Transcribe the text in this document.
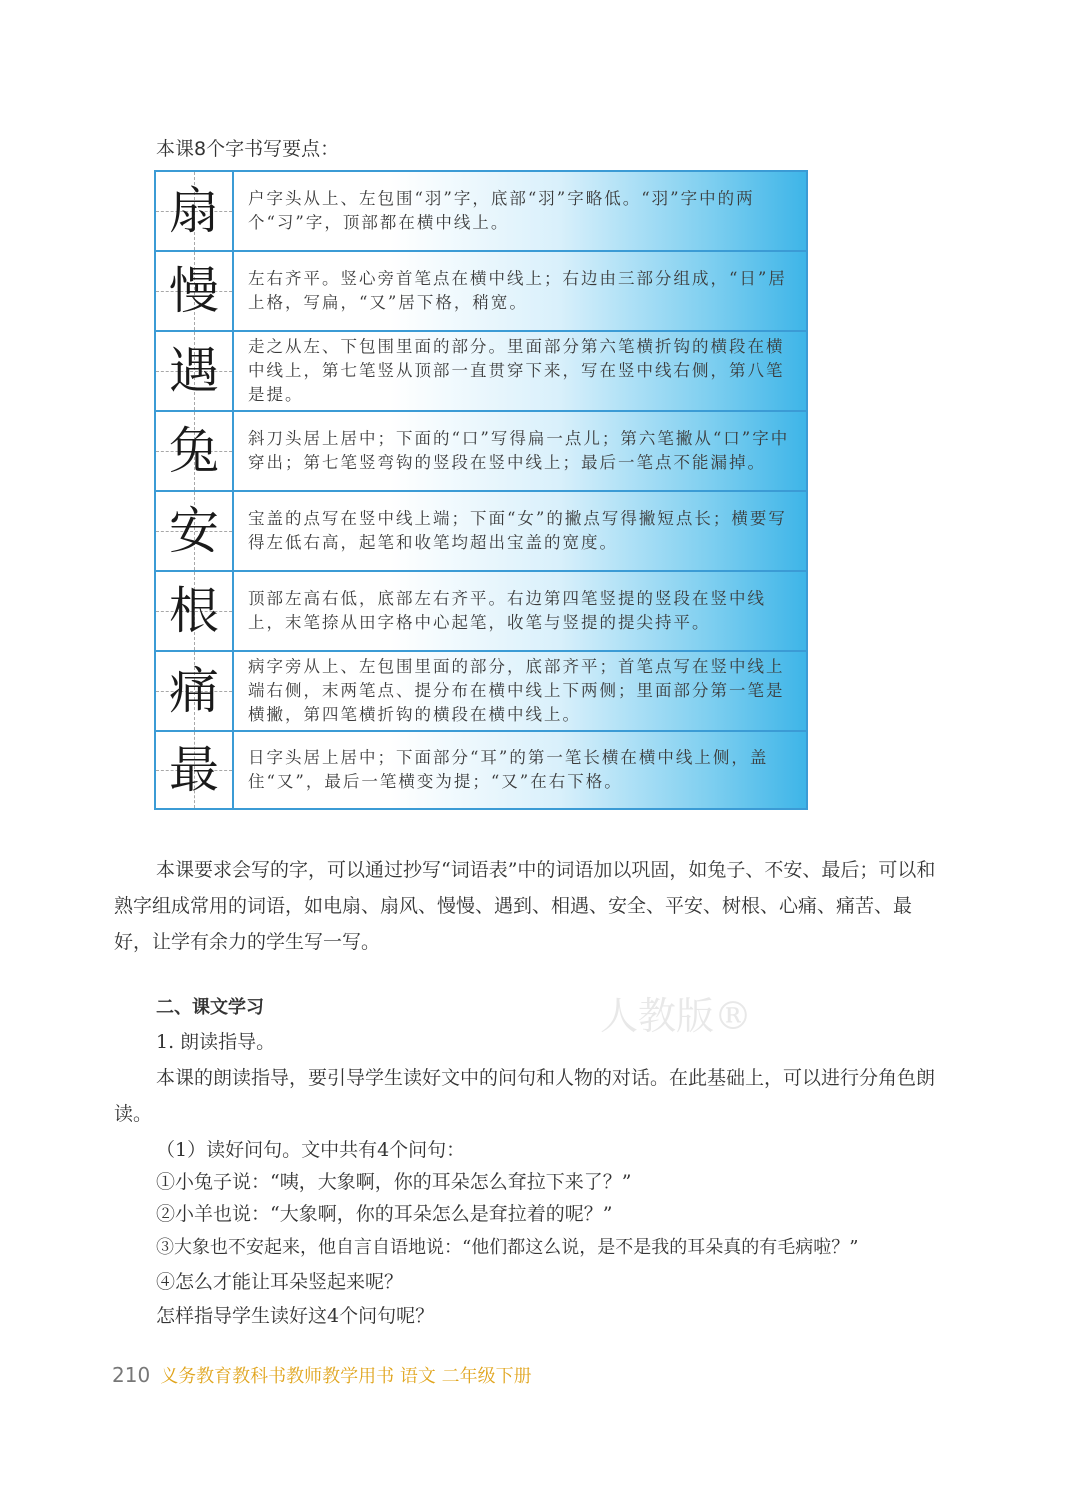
人教版®
本课8个字书写要点：
扇 户字头从上、左包围“羽”字，底部“羽”字略低。“羽”字中的两个“习”字，顶部都在横中线上。
慢 左右齐平。竖心旁首笔点在横中线上；右边由三部分组成，“日”居上格，写扁，“又”居下格，稍宽。
遇 走之从左、下包围里面的部分。里面部分第六笔横折钩的横段在横中线上，第七笔竖从顶部一直贯穿下来，写在竖中线右侧，第八笔是提。
兔 斜刀头居上居中；下面的“口”写得扁一点儿；第六笔撇从“口”字中穿出；第七笔竖弯钩的竖段在竖中线上；最后一笔点不能漏掉。
安 宝盖的点写在竖中线上端；下面“女”的撇点写得撇短点长；横要写得左低右高，起笔和收笔均超出宝盖的宽度。
根 顶部左高右低，底部左右齐平。右边第四笔竖提的竖段在竖中线上，末笔捺从田字格中心起笔，收笔与竖提的提尖持平。
痛 病字旁从上、左包围里面的部分，底部齐平；首笔点写在竖中线上端右侧，末两笔点、提分布在横中线上下两侧；里面部分第一笔是横撇，第四笔横折钩的横段在横中线上。
最 日字头居上居中；下面部分“耳”的第一笔长横在横中线上侧，盖住“又”，最后一笔横变为提；“又”在右下格。

本课要求会写的字，可以通过抄写“词语表”中的词语加以巩固，如兔子、不安、最后；可以和熟字组成常用的词语，如电扇、扇风、慢慢、遇到、相遇、安全、平安、树根、心痛、痛苦、最好，让学有余力的学生写一写。

二、课文学习
1. 朗读指导。

本课的朗读指导，要引导学生读好文中的问句和人物的对话。在此基础上，可以进行分角色朗读。

（1）读好问句。文中共有4个问句：
①小兔子说：“咦，大象啊，你的耳朵怎么耷拉下来了？”
②小羊也说：“大象啊，你的耳朵怎么是耷拉着的呢？”
③大象也不安起来，他自言自语地说：“他们都这么说，是不是我的耳朵真的有毛病啦？”
④怎么才能让耳朵竖起来呢？
怎样指导学生读好这4个问句呢？
210 义务教育教科书教师教学用书 语文 二年级下册
